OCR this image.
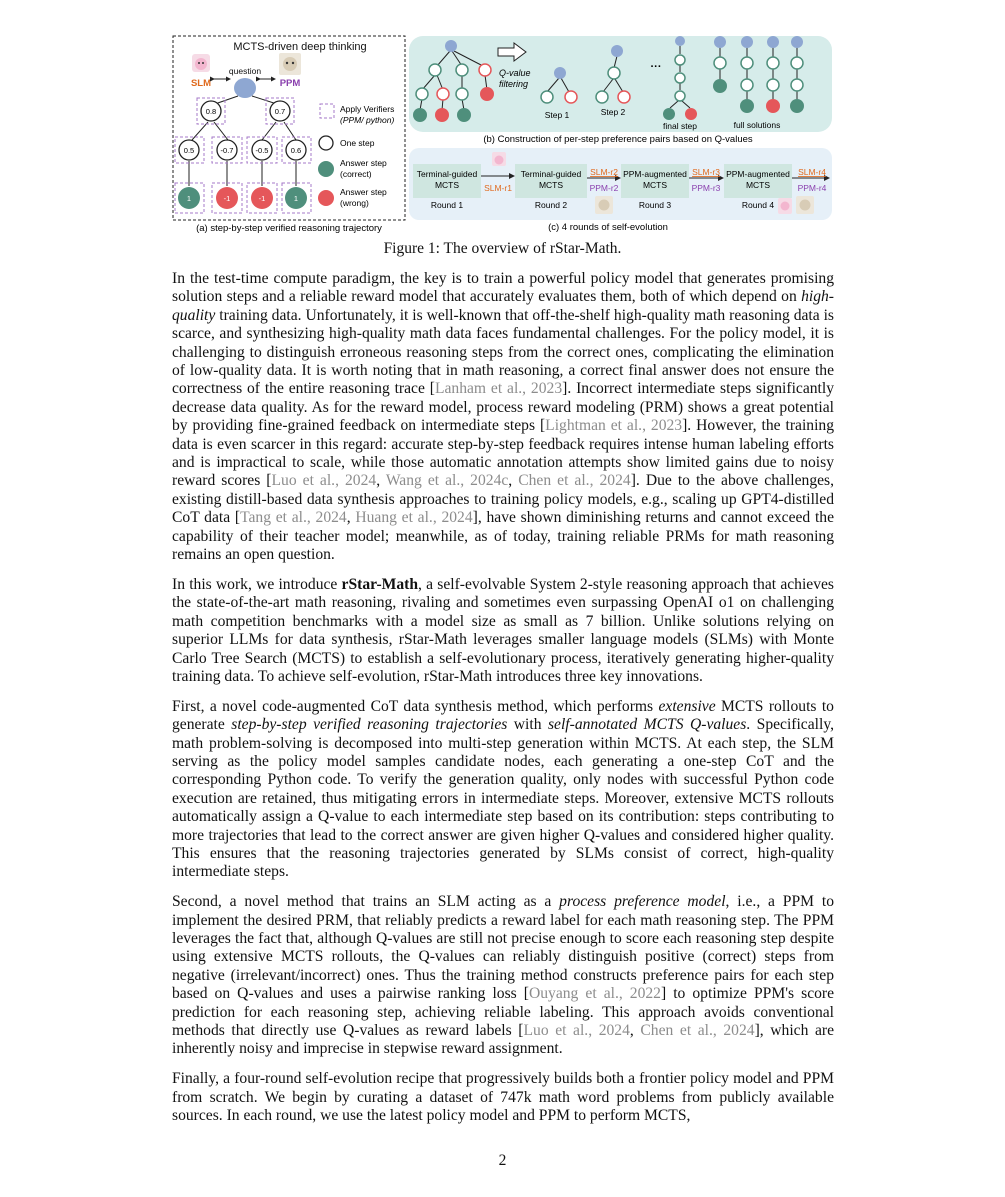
MCTS-driven deep thinking
SLM	PPM
question
0.8	0.7
0.5	-0.7	-0.5	0.6
1	-1	-1	1
Apply Verifiers
(PPM/ python)
One step
Answer step
(correct)
Answer step
(wrong)
(a) step-by-step verified reasoning trajectory
Q-value
filtering
Step 1	Step 2
···
final step	full solutions
(b) Construction of per-step preference pairs based on Q-values
Terminal-guided
MCTS
Round 1
Terminal-guided
MCTS
Round 2
PPM-augmented
MCTS
Round 3
PPM-augmented
MCTS
Round 4
SLM-r1
SLM-r2
PPM-r2
SLM-r3
PPM-r3
SLM-r4
PPM-r4
(c) 4 rounds of self-evolution
Figure 1: The overview of rStar-Math.

In the test-time compute paradigm, the key is to train a powerful policy model that generates promising solution steps and a reliable reward model that accurately evaluates them, both of which depend on high-quality training data. Unfortunately, it is well-known that off-the-shelf high-quality math reasoning data is scarce, and synthesizing high-quality math data faces fundamental challenges. For the policy model, it is challenging to distinguish erroneous reasoning steps from the correct ones, complicating the elimination of low-quality data. It is worth noting that in math reasoning, a correct final answer does not ensure the correctness of the entire reasoning trace [Lanham et al., 2023]. Incorrect intermediate steps significantly decrease data quality. As for the reward model, process reward modeling (PRM) shows a great potential by providing fine-grained feedback on intermediate steps [Lightman et al., 2023]. However, the training data is even scarcer in this regard: accurate step-by-step feedback requires intense human labeling efforts and is impractical to scale, while those automatic annotation attempts show limited gains due to noisy reward scores [Luo et al., 2024, Wang et al., 2024c, Chen et al., 2024]. Due to the above challenges, existing distill-based data synthesis approaches to training policy models, e.g., scaling up GPT4-distilled CoT data [Tang et al., 2024, Huang et al., 2024], have shown diminishing returns and cannot exceed the capability of their teacher model; meanwhile, as of today, training reliable PRMs for math reasoning remains an open question.

In this work, we introduce rStar-Math, a self-evolvable System 2-style reasoning approach that achieves the state-of-the-art math reasoning, rivaling and sometimes even surpassing OpenAI o1 on challenging math competition benchmarks with a model size as small as 7 billion. Unlike solutions relying on superior LLMs for data synthesis, rStar-Math leverages smaller language models (SLMs) with Monte Carlo Tree Search (MCTS) to establish a self-evolutionary process, iteratively generating higher-quality training data. To achieve self-evolution, rStar-Math introduces three key innovations.

First, a novel code-augmented CoT data synthesis method, which performs extensive MCTS rollouts to generate step-by-step verified reasoning trajectories with self-annotated MCTS Q-values. Specifically, math problem-solving is decomposed into multi-step generation within MCTS. At each step, the SLM serving as the policy model samples candidate nodes, each generating a one-step CoT and the corresponding Python code. To verify the generation quality, only nodes with successful Python code execution are retained, thus mitigating errors in intermediate steps. Moreover, extensive MCTS rollouts automatically assign a Q-value to each intermediate step based on its contribution: steps contributing to more trajectories that lead to the correct answer are given higher Q-values and considered higher quality. This ensures that the reasoning trajectories generated by SLMs consist of correct, high-quality intermediate steps.

Second, a novel method that trains an SLM acting as a process preference model, i.e., a PPM to implement the desired PRM, that reliably predicts a reward label for each math reasoning step. The PPM leverages the fact that, although Q-values are still not precise enough to score each reasoning step despite using extensive MCTS rollouts, the Q-values can reliably distinguish positive (correct) steps from negative (irrelevant/incorrect) ones. Thus the training method constructs preference pairs for each step based on Q-values and uses a pairwise ranking loss [Ouyang et al., 2022] to optimize PPM's score prediction for each reasoning step, achieving reliable labeling. This approach avoids conventional methods that directly use Q-values as reward labels [Luo et al., 2024, Chen et al., 2024], which are inherently noisy and imprecise in stepwise reward assignment.

Finally, a four-round self-evolution recipe that progressively builds both a frontier policy model and PPM from scratch. We begin by curating a dataset of 747k math word problems from publicly available sources. In each round, we use the latest policy model and PPM to perform MCTS,

2
